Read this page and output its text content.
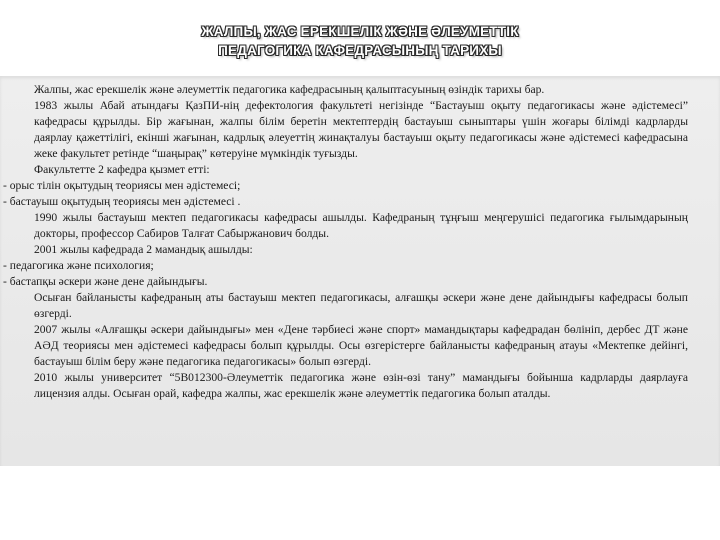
ЖАЛПЫ, ЖАС ЕРЕКШЕЛІК ЖӘНЕ ӘЛЕУМЕТТІК
ПЕДАГОГИКА КАФЕДРАСЫНЫҢ ТАРИХЫ

Жалпы, жас ерекшелік және әлеуметтік педагогика кафедрасының қалыптасуының өзіндік тарихы бар.

1983 жылы Абай атындағы ҚазПИ-нің дефектология факультеті негізінде “Бастауыш оқыту педагогикасы және әдістемесі” кафедрасы құрылды. Бір жағынан, жалпы білім беретін мектептердің бастауыш сыныптары үшін жоғары білімді кадрларды даярлау қажеттілігі, екінші жағынан, кадрлық әлеуеттің жинақталуы бастауыш оқыту педагогикасы және әдістемесі кафедрасына жеке факультет ретінде “шаңырақ” көтеруіне мүмкіндік туғызды.

Факультетте 2 кафедра қызмет етті:

- орыс тілін оқытудың теориясы мен әдістемесі;

- бастауыш оқытудың теориясы мен әдістемесі .

1990 жылы бастауыш мектеп педагогикасы кафедрасы ашылды. Кафедраның тұңғыш меңгерушісі педагогика ғылымдарының докторы, профессор Сабиров Талғат Сабыржанович болды.

2001 жылы кафедрада 2 мамандық ашылды:

- педагогика және психология;

- бастапқы әскери және дене дайындығы.

Осыған байланысты кафедраның аты бастауыш мектеп педагогикасы, алғашқы әскери және дене дайындығы кафедрасы болып өзгерді.

2007 жылы «Алғашқы әскери дайындығы» мен «Дене тәрбиесі және спорт» мамандықтары кафедрадан бөлініп, дербес ДТ және АӘД теориясы мен әдістемесі кафедрасы болып құрылды. Осы өзгерістерге байланысты кафедраның атауы «Мектепке дейінгі, бастауыш білім беру және педагогика педагогикасы» болып өзгерді.

2010 жылы университет “5В012300-Әлеуметтік педагогика және өзін-өзі тану” мамандығы бойынша кадрларды даярлауға лицензия алды. Осыған орай, кафедра жалпы, жас ерекшелік және әлеуметтік педагогика болып аталды.
